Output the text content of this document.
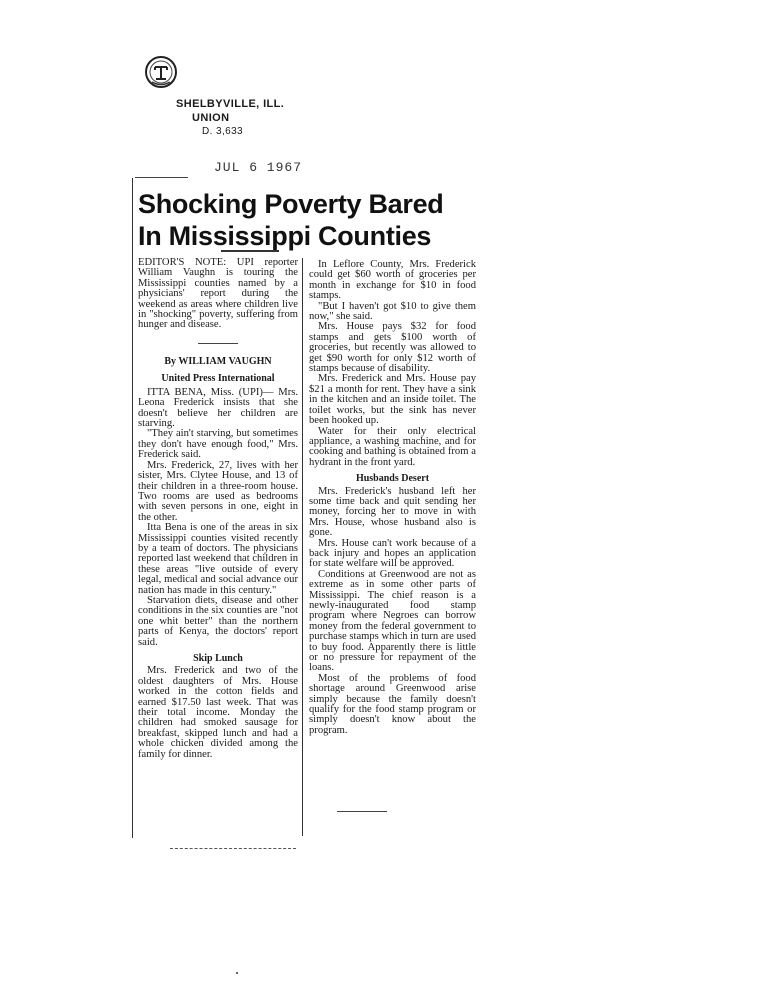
SHELBYVILLE, ILL.
UNION
D. 3,633
JUL 6 1967
Shocking Poverty Bared In Mississippi Counties

EDITOR'S NOTE: UPI reporter William Vaughn is touring the Mississippi counties named by a physicians' report during the weekend as areas where children live in "shocking" poverty, suffering from hunger and disease.

By WILLIAM VAUGHN
United Press International

ITTA BENA, Miss. (UPI)— Mrs. Leona Frederick insists that she doesn't believe her children are starving.

"They ain't starving, but sometimes they don't have enough food," Mrs. Frederick said.

Mrs. Frederick, 27, lives with her sister, Mrs. Clytee House, and 13 of their children in a three-room house. Two rooms are used as bedrooms with seven persons in one, eight in the other.

Itta Bena is one of the areas in six Mississippi counties visited recently by a team of doctors. The physicians reported last weekend that children in these areas "live outside of every legal, medical and social advance our nation has made in this century."

Starvation diets, disease and other conditions in the six counties are "not one whit better" than the northern parts of Kenya, the doctors' report said.

Skip Lunch

Mrs. Frederick and two of the oldest daughters of Mrs. House worked in the cotton fields and earned $17.50 last week. That was their total income. Monday the children had smoked sausage for breakfast, skipped lunch and had a whole chicken divided among the family for dinner.

In Leflore County, Mrs. Frederick could get $60 worth of groceries per month in exchange for $10 in food stamps.

"But I haven't got $10 to give them now," she said.

Mrs. House pays $32 for food stamps and gets $100 worth of groceries, but recently was allowed to get $90 worth for only $12 worth of stamps because of disability.

Mrs. Frederick and Mrs. House pay $21 a month for rent. They have a sink in the kitchen and an inside toilet. The toilet works, but the sink has never been hooked up.

Water for their only electrical appliance, a washing machine, and for cooking and bathing is obtained from a hydrant in the front yard.

Husbands Desert

Mrs. Frederick's husband left her some time back and quit sending her money, forcing her to move in with Mrs. House, whose husband also is gone.

Mrs. House can't work because of a back injury and hopes an application for state welfare will be approved.

Conditions at Greenwood are not as extreme as in some other parts of Mississippi. The chief reason is a newly-inaugurated food stamp program where Negroes can borrow money from the federal government to purchase stamps which in turn are used to buy food. Apparently there is little or no pressure for repayment of the loans.

Most of the problems of food shortage around Greenwood arise simply because the family doesn't qualify for the food stamp program or simply doesn't know about the program.
